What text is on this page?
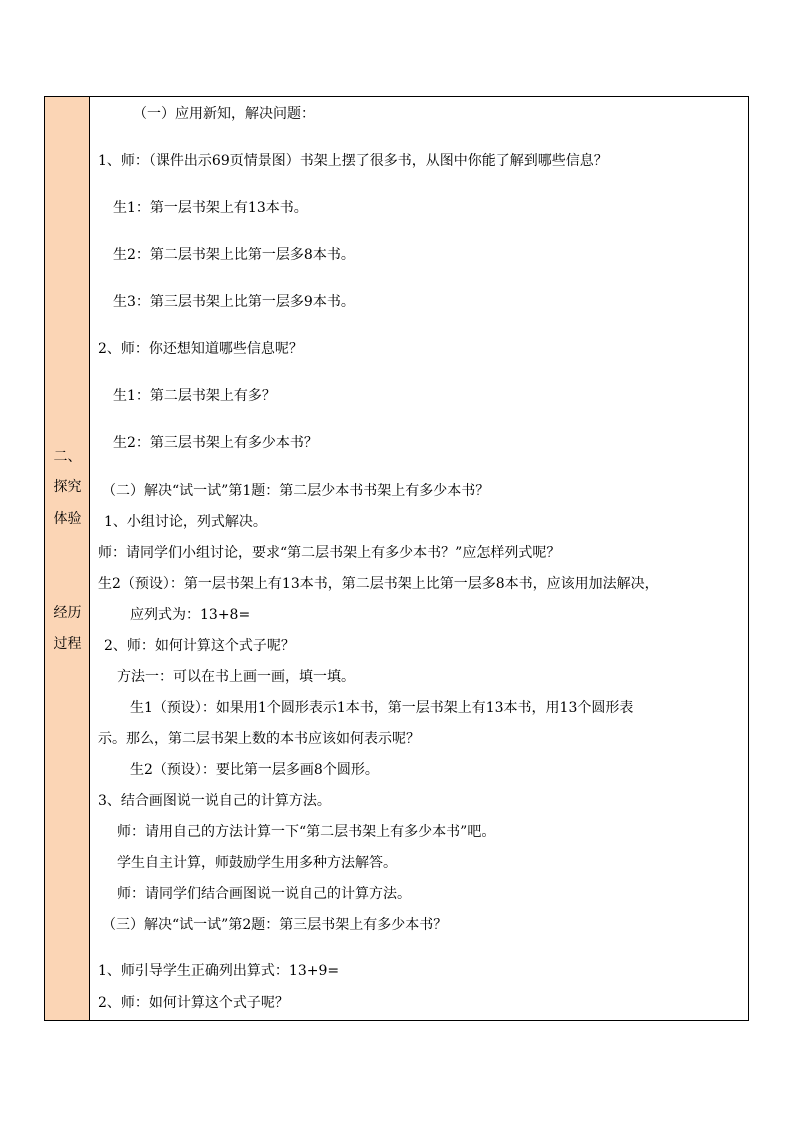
二、
探究
体验
经历
过程
（一）应用新知，解决问题：
1、师：（课件出示69页情景图）书架上摆了很多书，从图中你能了解到哪些信息？
生1：第一层书架上有13本书。
生2：第二层书架上比第一层多8本书。
生3：第三层书架上比第一层多9本书。
2、师：你还想知道哪些信息呢？
生1：第二层书架上有多？
生2：第三层书架上有多少本书？
（二）解决“试一试”第1题：第二层少本书书架上有多少本书？
1、小组讨论，列式解决。
师：请同学们小组讨论，要求“第二层书架上有多少本书？”应怎样列式呢？
生2（预设）：第一层书架上有13本书，第二层书架上比第一层多8本书，应该用加法解决，
应列式为：13+8=
2、师：如何计算这个式子呢？
方法一：可以在书上画一画，填一填。
生1（预设）：如果用1个圆形表示1本书，第一层书架上有13本书，用13个圆形表
示。那么，第二层书架上数的本书应该如何表示呢？
生2（预设）：要比第一层多画8个圆形。
3、结合画图说一说自己的计算方法。
师：请用自己的方法计算一下“第二层书架上有多少本书”吧。
学生自主计算，师鼓励学生用多种方法解答。
师：请同学们结合画图说一说自己的计算方法。
（三）解决“试一试”第2题：第三层书架上有多少本书？
1、师引导学生正确列出算式：13+9=
2、师：如何计算这个式子呢？
